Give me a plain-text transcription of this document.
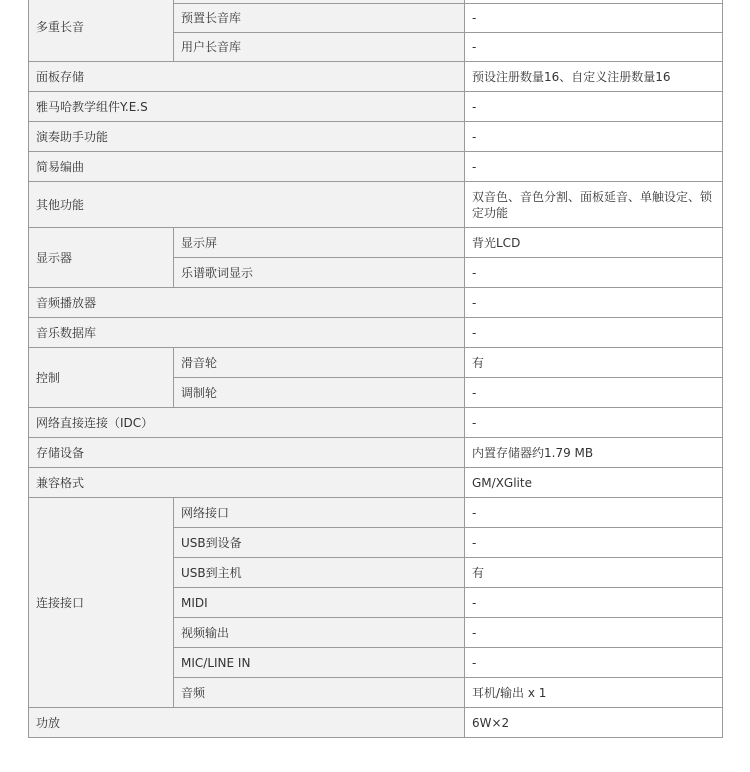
多重长音		
	预置长音库	-
	用户长音库	-
面板存储		预设注册数量16、自定义注册数量16
雅马哈教学组件Y.E.S		-
演奏助手功能		-
简易编曲		-
其他功能		双音色、音色分割、面板延音、单触设定、锁定功能
显示器	显示屏	背光LCD
	乐谱歌词显示	-
音频播放器		-
音乐数据库		-
控制	滑音轮	有
	调制轮	-
网络直接连接（IDC）		-
存储设备		内置存储器约1.79 MB
兼容格式		GM/XGlite
连接接口	网络接口	-
	USB到设备	-
	USB到主机	有
	MIDI	-
	视频输出	-
	MIC/LINE IN	-
	音频	耳机/输出 x 1
功放		6W×2
